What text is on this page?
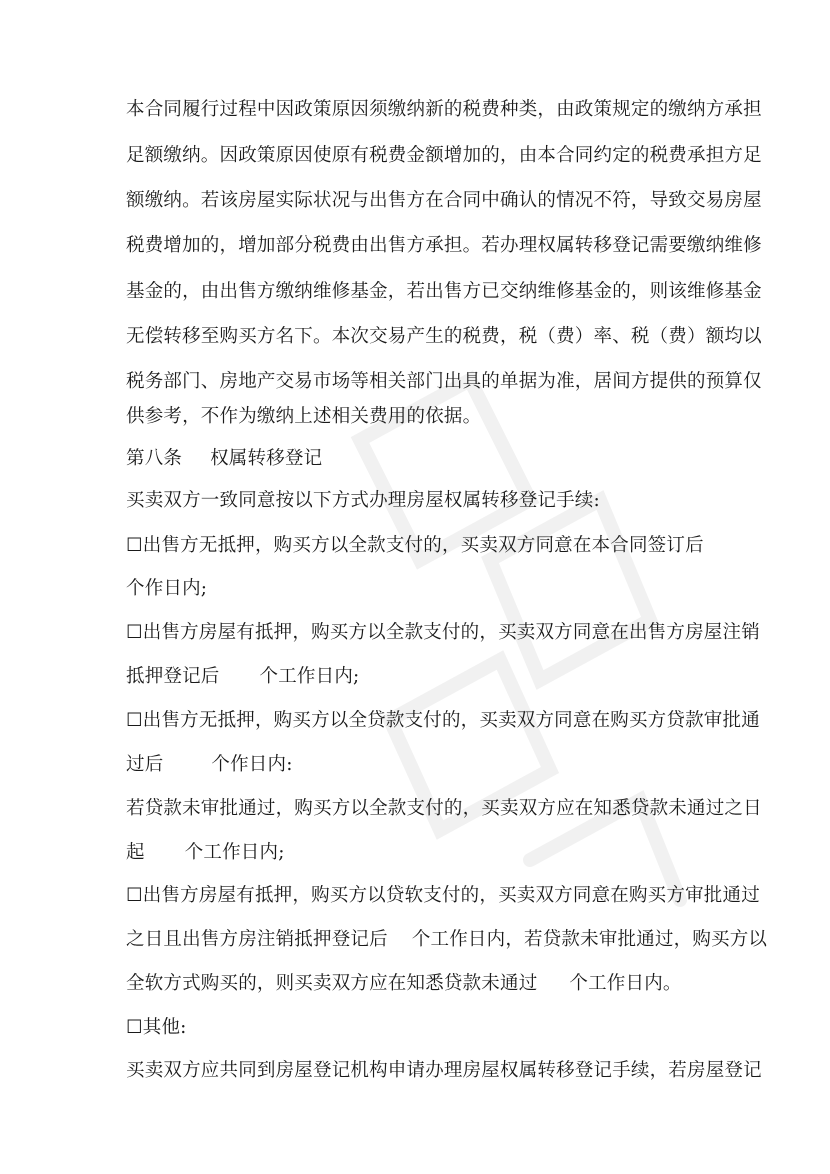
本合同履行过程中因政策原因须缴纳新的税费种类，由政策规定的缴纳方承担
足额缴纳。因政策原因使原有税费金额增加的，由本合同约定的税费承担方足
额缴纳。若该房屋实际状况与出售方在合同中确认的情况不符，导致交易房屋
税费增加的，增加部分税费由出售方承担。若办理权属转移登记需要缴纳维修
基金的，由出售方缴纳维修基金，若出售方已交纳维修基金的，则该维修基金
无偿转移至购买方名下。本次交易产生的税费，税（费）率、税（费）额均以
税务部门、房地产交易市场等相关部门出具的单据为准，居间方提供的预算仅
供参考，不作为缴纳上述相关费用的依据。
第八条 权属转移登记
买卖双方一致同意按以下方式办理房屋权属转移登记手续:
☐出售方无抵押，购买方以全款支付的，买卖双方同意在本合同签订后
个作日内;
☐出售方房屋有抵押，购买方以全款支付的，买卖双方同意在出售方房屋注销
抵押登记后 个工作日内;
☐出售方无抵押，购买方以全贷款支付的，买卖双方同意在购买方贷款审批通
过后	个作日内:
若贷款未审批通过，购买方以全款支付的，买卖双方应在知悉贷款未通过之日
起 个工作日内;
☐出售方房屋有抵押，购买方以贷软支付的，买卖双方同意在购买方审批通过
之日且出售方房注销抵押登记后 个工作日内，若贷款未审批通过，购买方以
全软方式购买的，则买卖双方应在知悉贷款未通过 个工作日内。
☐其他:
买卖双方应共同到房屋登记机构申请办理房屋权属转移登记手续，若房屋登记
